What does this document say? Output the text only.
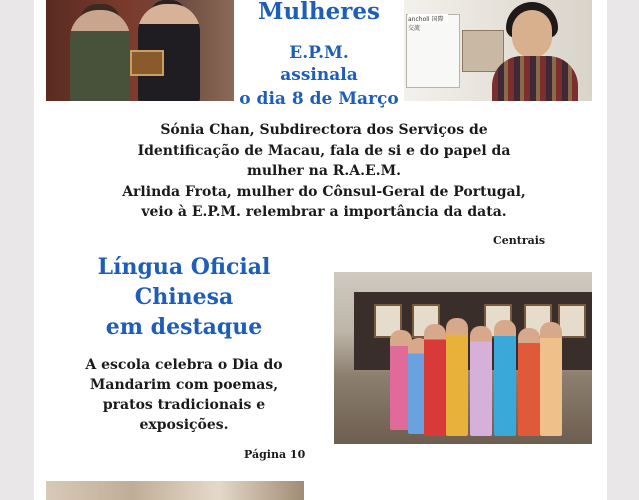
Mulheres
E.P.M.
assinala
o dia 8 de Março
ancholi 国際交流
Sónia Chan, Subdirectora dos Serviços de
Identificação de Macau, fala de si e do papel da
mulher na R.A.E.M.
Arlinda Frota, mulher do Cônsul-Geral de Portugal,
veio à E.P.M. relembrar a importância da data.
Centrais
Língua Oficial
Chinesa
em destaque
A escola celebra o Dia do
Mandarim com poemas,
pratos tradicionais e
exposições.
Página 10
